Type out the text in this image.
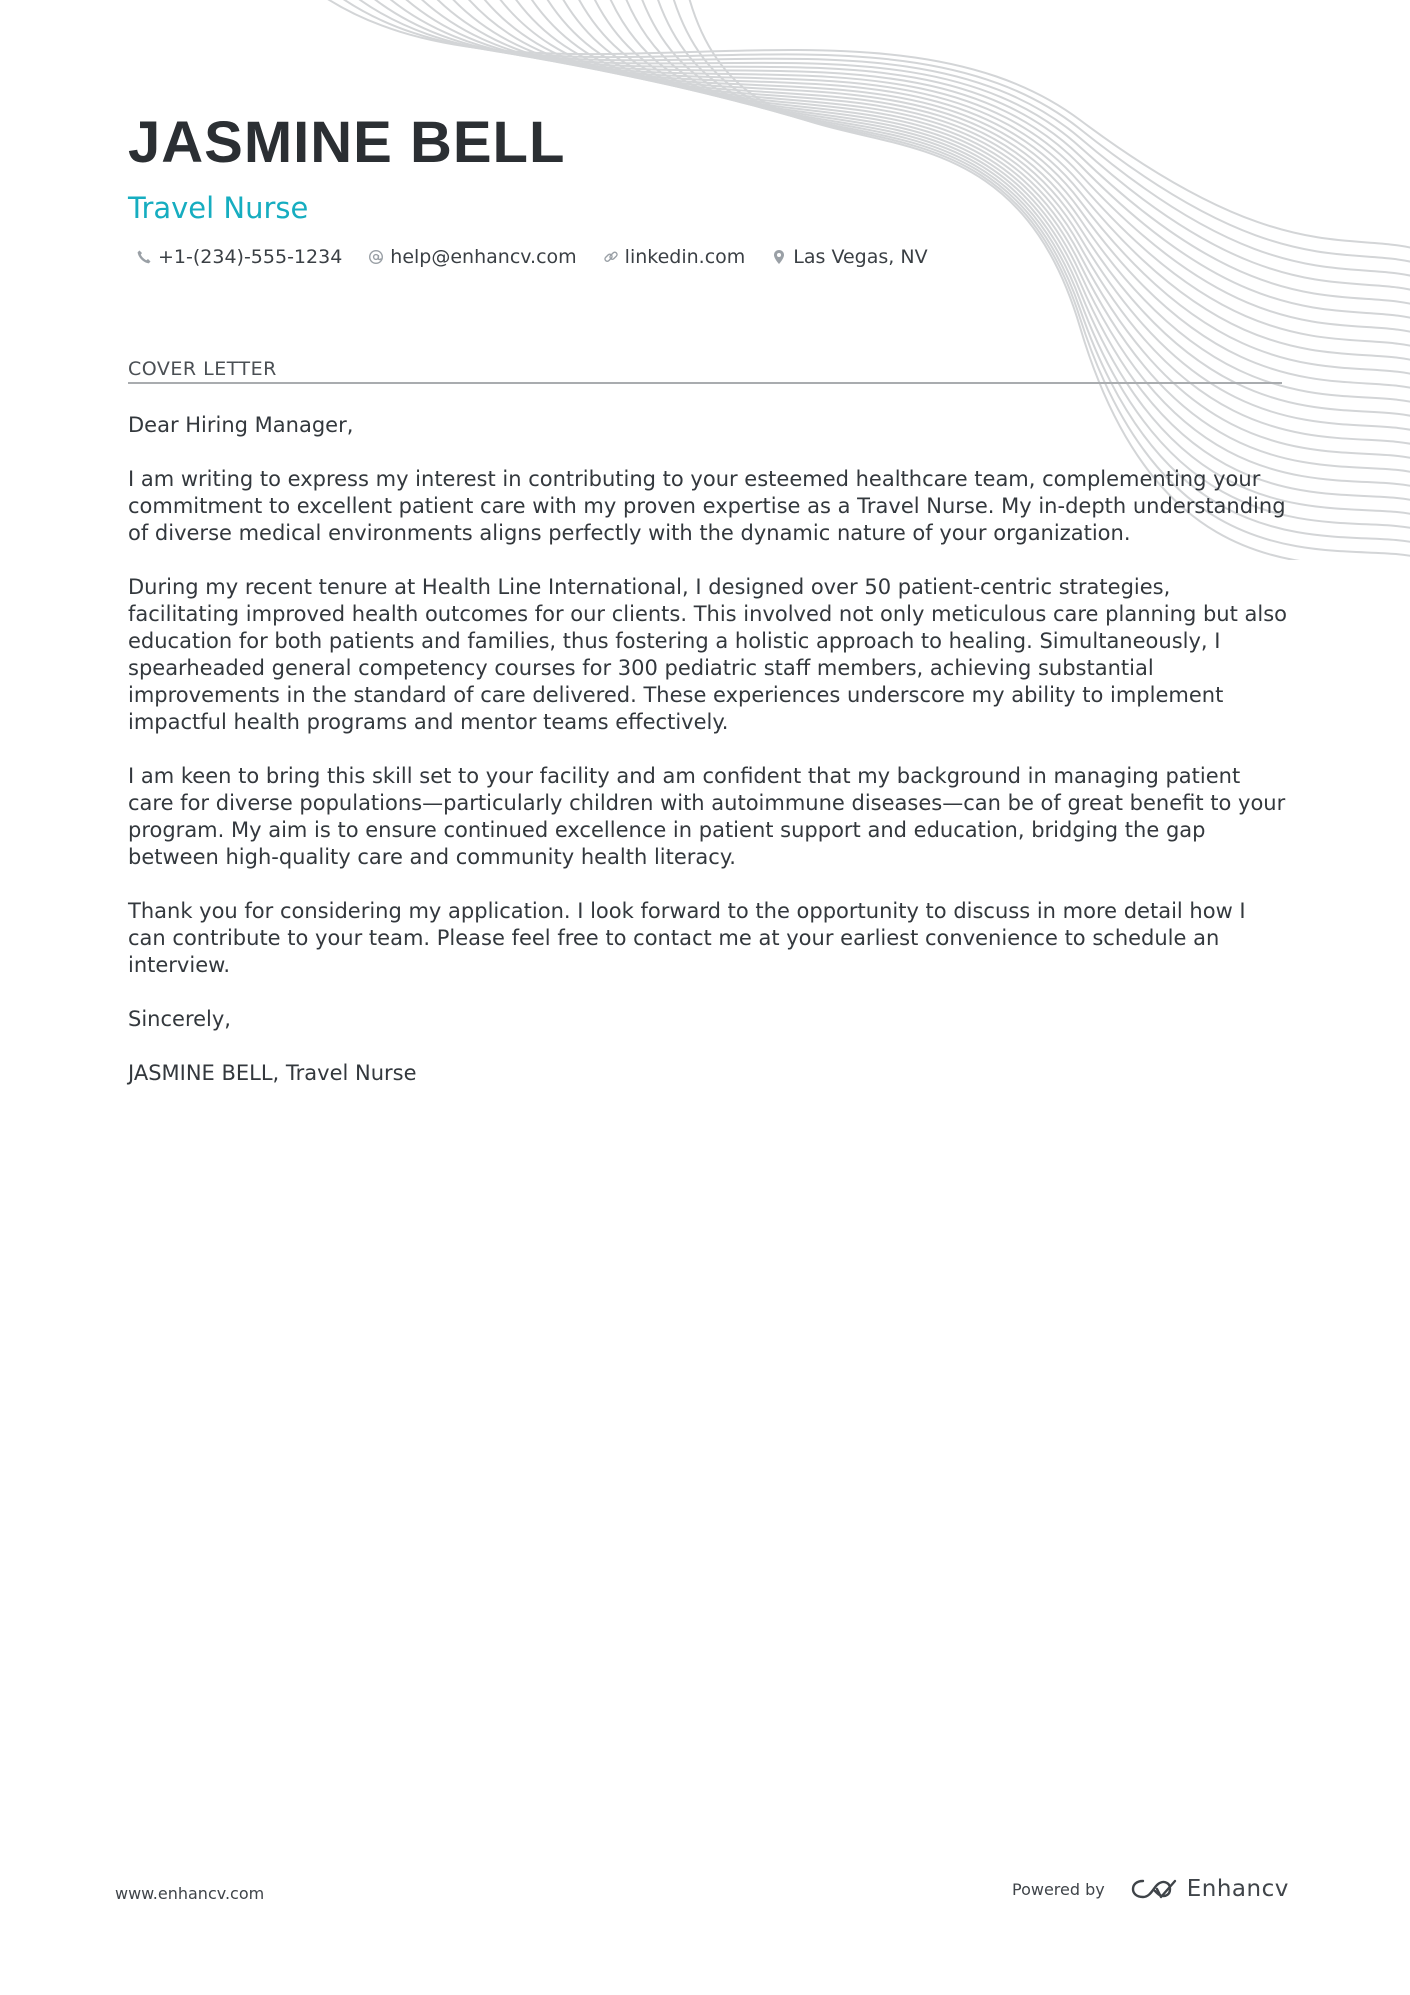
JASMINE BELL
Travel Nurse
+1-(234)-555-1234	help@enhancv.com	linkedin.com	Las Vegas, NV
COVER LETTER

Dear Hiring Manager,

I am writing to express my interest in contributing to your esteemed healthcare team, complementing your commitment to excellent patient care with my proven expertise as a Travel Nurse. My in-depth understanding of diverse medical environments aligns perfectly with the dynamic nature of your organization.

During my recent tenure at Health Line International, I designed over 50 patient-centric strategies, facilitating improved health outcomes for our clients. This involved not only meticulous care planning but also education for both patients and families, thus fostering a holistic approach to healing. Simultaneously, I spearheaded general competency courses for 300 pediatric staff members, achieving substantial improvements in the standard of care delivered. These experiences underscore my ability to implement impactful health programs and mentor teams effectively.

I am keen to bring this skill set to your facility and am confident that my background in managing patient care for diverse populations—particularly children with autoimmune diseases—can be of great benefit to your program. My aim is to ensure continued excellence in patient support and education, bridging the gap between high-quality care and community health literacy.

Thank you for considering my application. I look forward to the opportunity to discuss in more detail how I can contribute to your team. Please feel free to contact me at your earliest convenience to schedule an interview.

Sincerely,

JASMINE BELL, Travel Nurse

www.enhancv.com	Powered by	Enhancv
